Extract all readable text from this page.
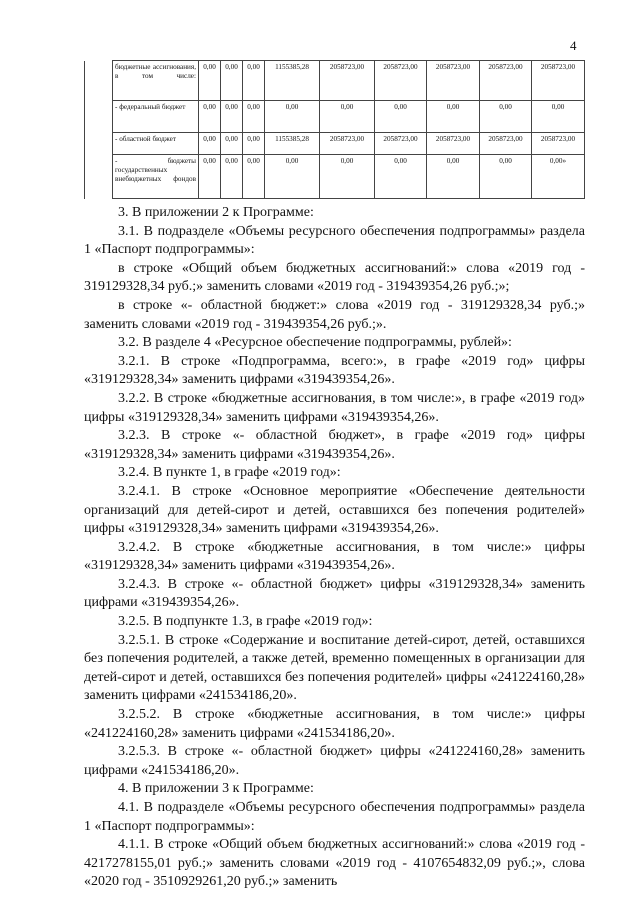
4
	бюджетные ассигнования, в том числе:	0,00	0,00	0,00	1155385,28	2058723,00	2058723,00	2058723,00	2058723,00	2058723,00
	- федеральный бюджет	0,00	0,00	0,00	0,00	0,00	0,00	0,00	0,00	0,00
	- областной бюджет	0,00	0,00	0,00	1155385,28	2058723,00	2058723,00	2058723,00	2058723,00	2058723,00
	- бюджеты государственных внебюджетных фондов	0,00	0,00	0,00	0,00	0,00	0,00	0,00	0,00	0,00»

3. В приложении 2 к Программе:

3.1. В подразделе «Объемы ресурсного обеспечения подпрограммы» раздела 1 «Паспорт подпрограммы»:

в строке «Общий объем бюджетных ассигнований:» слова «2019 год - 319129328,34 руб.;» заменить словами «2019 год - 319439354,26 руб.;»;

в строке «- областной бюджет:» слова «2019 год - 319129328,34 руб.;» заменить словами «2019 год - 319439354,26 руб.;».

3.2. В разделе 4 «Ресурсное обеспечение подпрограммы, рублей»:

3.2.1. В строке «Подпрограмма, всего:», в графе «2019 год» цифры «319129328,34» заменить цифрами «319439354,26».

3.2.2. В строке «бюджетные ассигнования, в том числе:», в графе «2019 год» цифры «319129328,34» заменить цифрами «319439354,26».

3.2.3. В строке «- областной бюджет», в графе «2019 год» цифры «319129328,34» заменить цифрами «319439354,26».

3.2.4. В пункте 1, в графе «2019 год»:

3.2.4.1. В строке «Основное мероприятие «Обеспечение деятельности организаций для детей-сирот и детей, оставшихся без попечения родителей» цифры «319129328,34» заменить цифрами «319439354,26».

3.2.4.2. В строке «бюджетные ассигнования, в том числе:» цифры «319129328,34» заменить цифрами «319439354,26».

3.2.4.3. В строке «- областной бюджет» цифры «319129328,34» заменить цифрами «319439354,26».

3.2.5. В подпункте 1.3, в графе «2019 год»:

3.2.5.1. В строке «Содержание и воспитание детей-сирот, детей, оставшихся без попечения родителей, а также детей, временно помещенных в организации для детей-сирот и детей, оставшихся без попечения родителей» цифры «241224160,28» заменить цифрами «241534186,20».

3.2.5.2. В строке «бюджетные ассигнования, в том числе:» цифры «241224160,28» заменить цифрами «241534186,20».

3.2.5.3. В строке «- областной бюджет» цифры «241224160,28» заменить цифрами «241534186,20».

4. В приложении 3 к Программе:

4.1. В подразделе «Объемы ресурсного обеспечения подпрограммы» раздела 1 «Паспорт подпрограммы»:

4.1.1. В строке «Общий объем бюджетных ассигнований:» слова «2019 год - 4217278155,01 руб.;» заменить словами «2019 год - 4107654832,09 руб.;», слова «2020 год - 3510929261,20 руб.;» заменить
